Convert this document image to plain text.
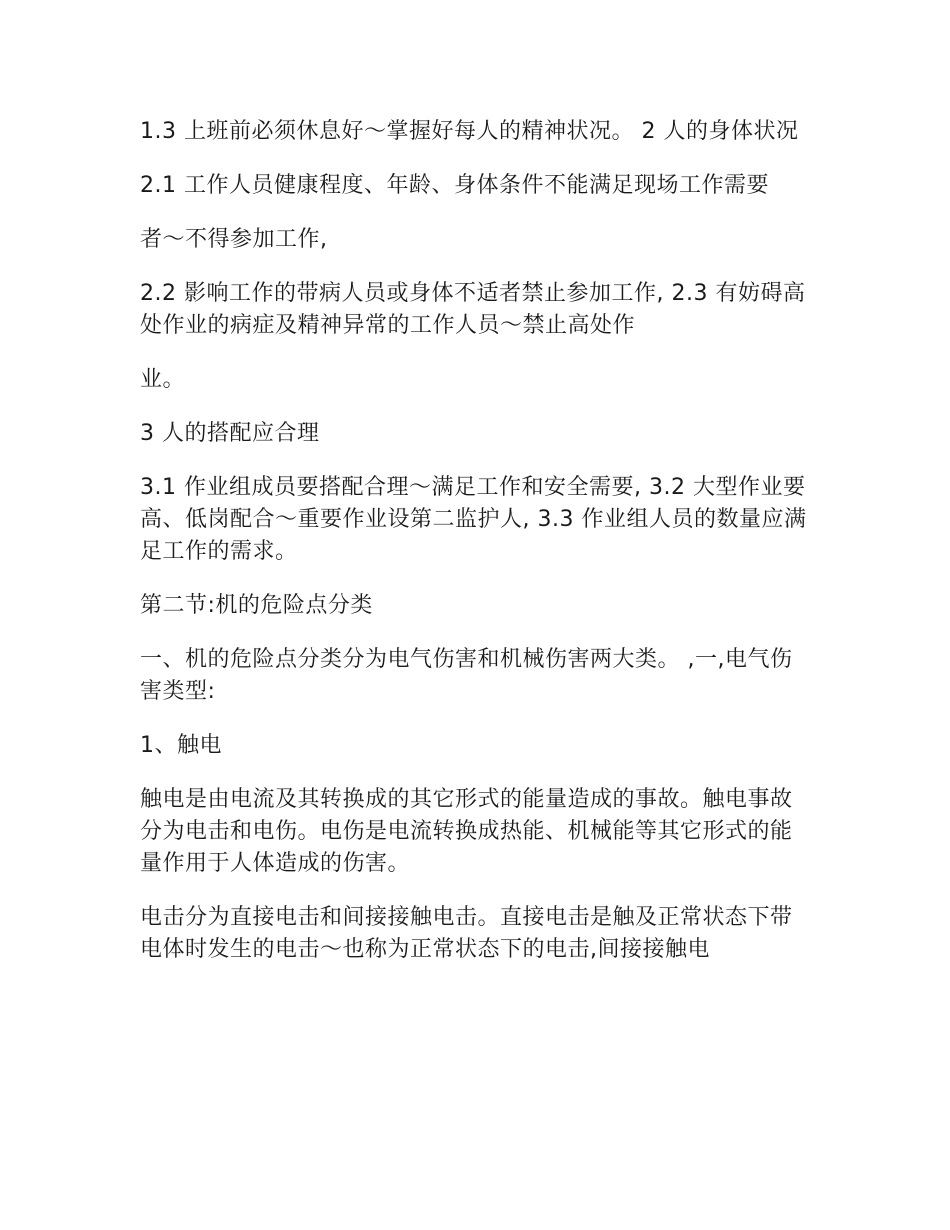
1.3 上班前必须休息好～掌握好每人的精神状况。 2 人的身体状况

2.1 工作人员健康程度、年龄、身体条件不能满足现场工作需要

者～不得参加工作,

2.2 影响工作的带病人员或身体不适者禁止参加工作, 2.3 有妨碍高处作业的病症及精神异常的工作人员～禁止高处作

业。

3 人的搭配应合理

3.1 作业组成员要搭配合理～满足工作和安全需要, 3.2 大型作业要高、低岗配合～重要作业设第二监护人, 3.3 作业组人员的数量应满足工作的需求。

第二节:机的危险点分类

一、机的危险点分类分为电气伤害和机械伤害两大类。 ,一,电气伤害类型:

1、触电

触电是由电流及其转换成的其它形式的能量造成的事故。触电事故分为电击和电伤。电伤是电流转换成热能、机械能等其它形式的能量作用于人体造成的伤害。

电击分为直接电击和间接接触电击。直接电击是触及正常状态下带电体时发生的电击～也称为正常状态下的电击,间接接触电
